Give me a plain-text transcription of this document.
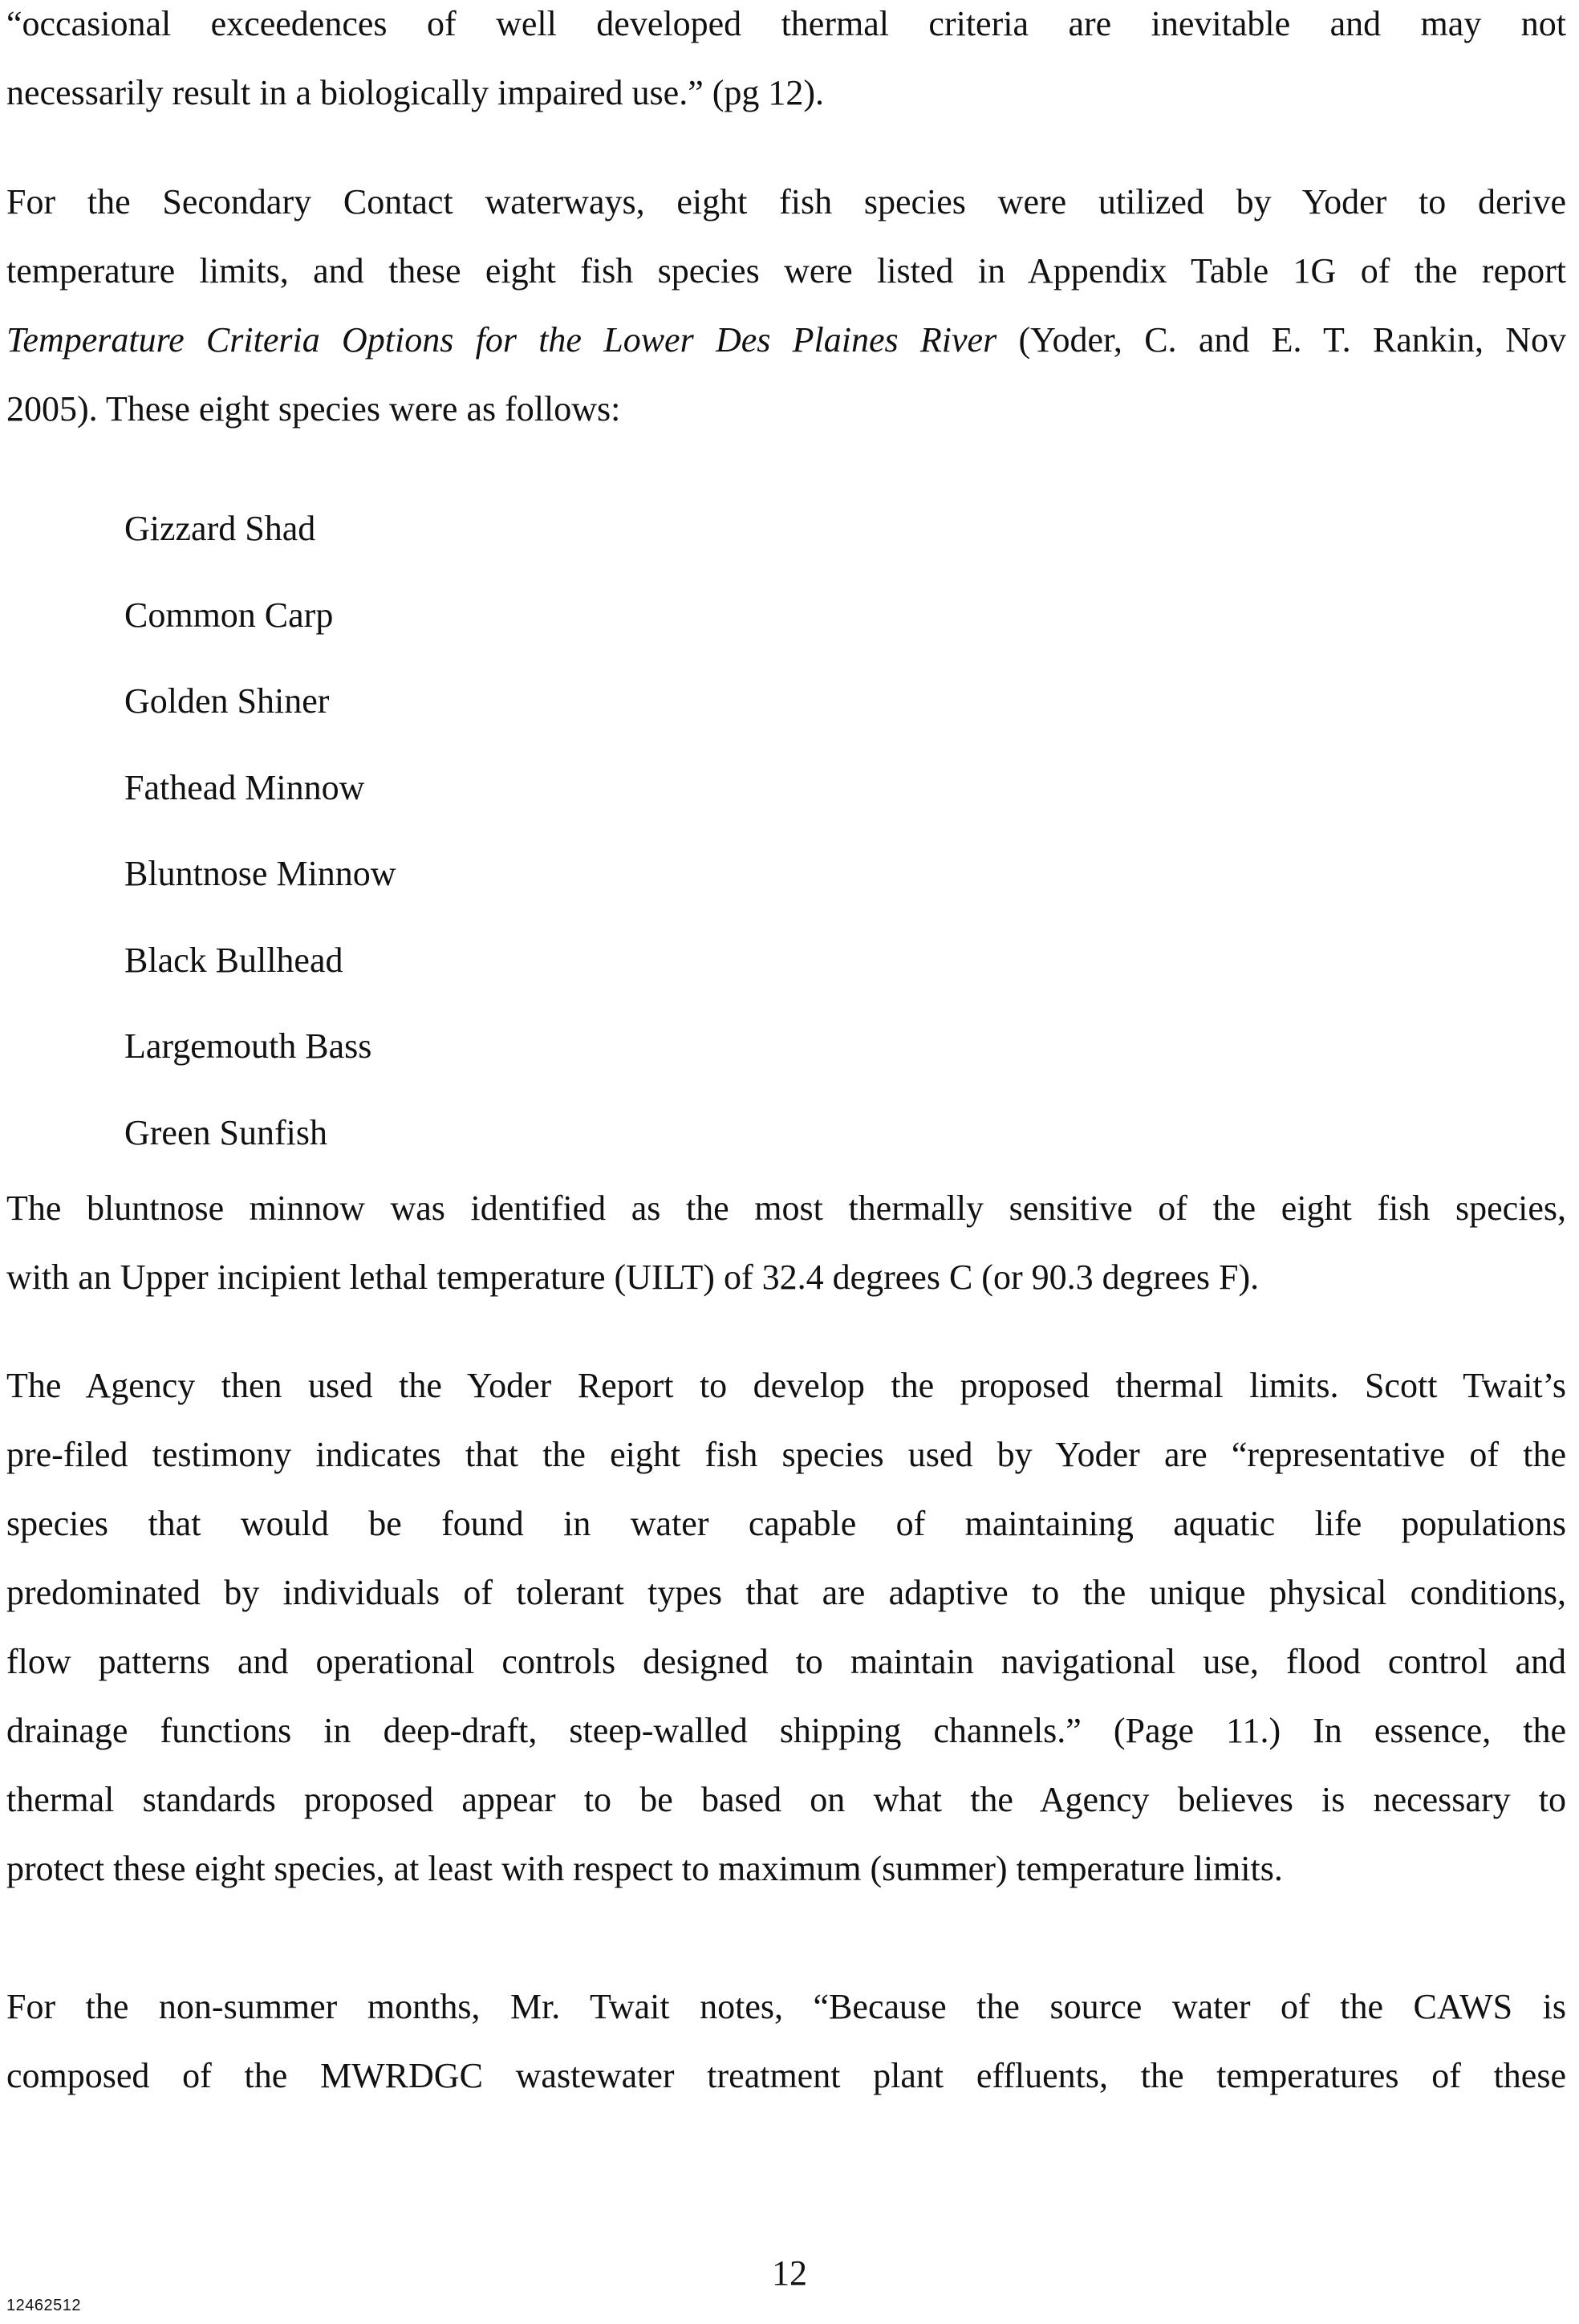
“occasional exceedences of well developed thermal criteria are inevitable and may not
necessarily result in a biologically impaired use.” (pg 12).

For the Secondary Contact waterways, eight fish species were utilized by Yoder to derive
temperature limits, and these eight fish species were listed in Appendix Table 1G of the report
Temperature Criteria Options for the Lower Des Plaines River (Yoder, C. and E. T. Rankin, Nov
2005). These eight species were as follows:

Gizzard Shad
Common Carp
Golden Shiner
Fathead Minnow
Bluntnose Minnow
Black Bullhead
Largemouth Bass
Green Sunfish

The bluntnose minnow was identified as the most thermally sensitive of the eight fish species,
with an Upper incipient lethal temperature (UILT) of 32.4 degrees C (or 90.3 degrees F).

The Agency then used the Yoder Report to develop the proposed thermal limits. Scott Twait’s
pre-filed testimony indicates that the eight fish species used by Yoder are “representative of the
species that would be found in water capable of maintaining aquatic life populations
predominated by individuals of tolerant types that are adaptive to the unique physical conditions,
flow patterns and operational controls designed to maintain navigational use, flood control and
drainage functions in deep-draft, steep-walled shipping channels.” (Page 11.) In essence, the
thermal standards proposed appear to be based on what the Agency believes is necessary to
protect these eight species, at least with respect to maximum (summer) temperature limits.

For the non-summer months, Mr. Twait notes, “Because the source water of the CAWS is
composed of the MWRDGC wastewater treatment plant effluents, the temperatures of these

12
12462512
